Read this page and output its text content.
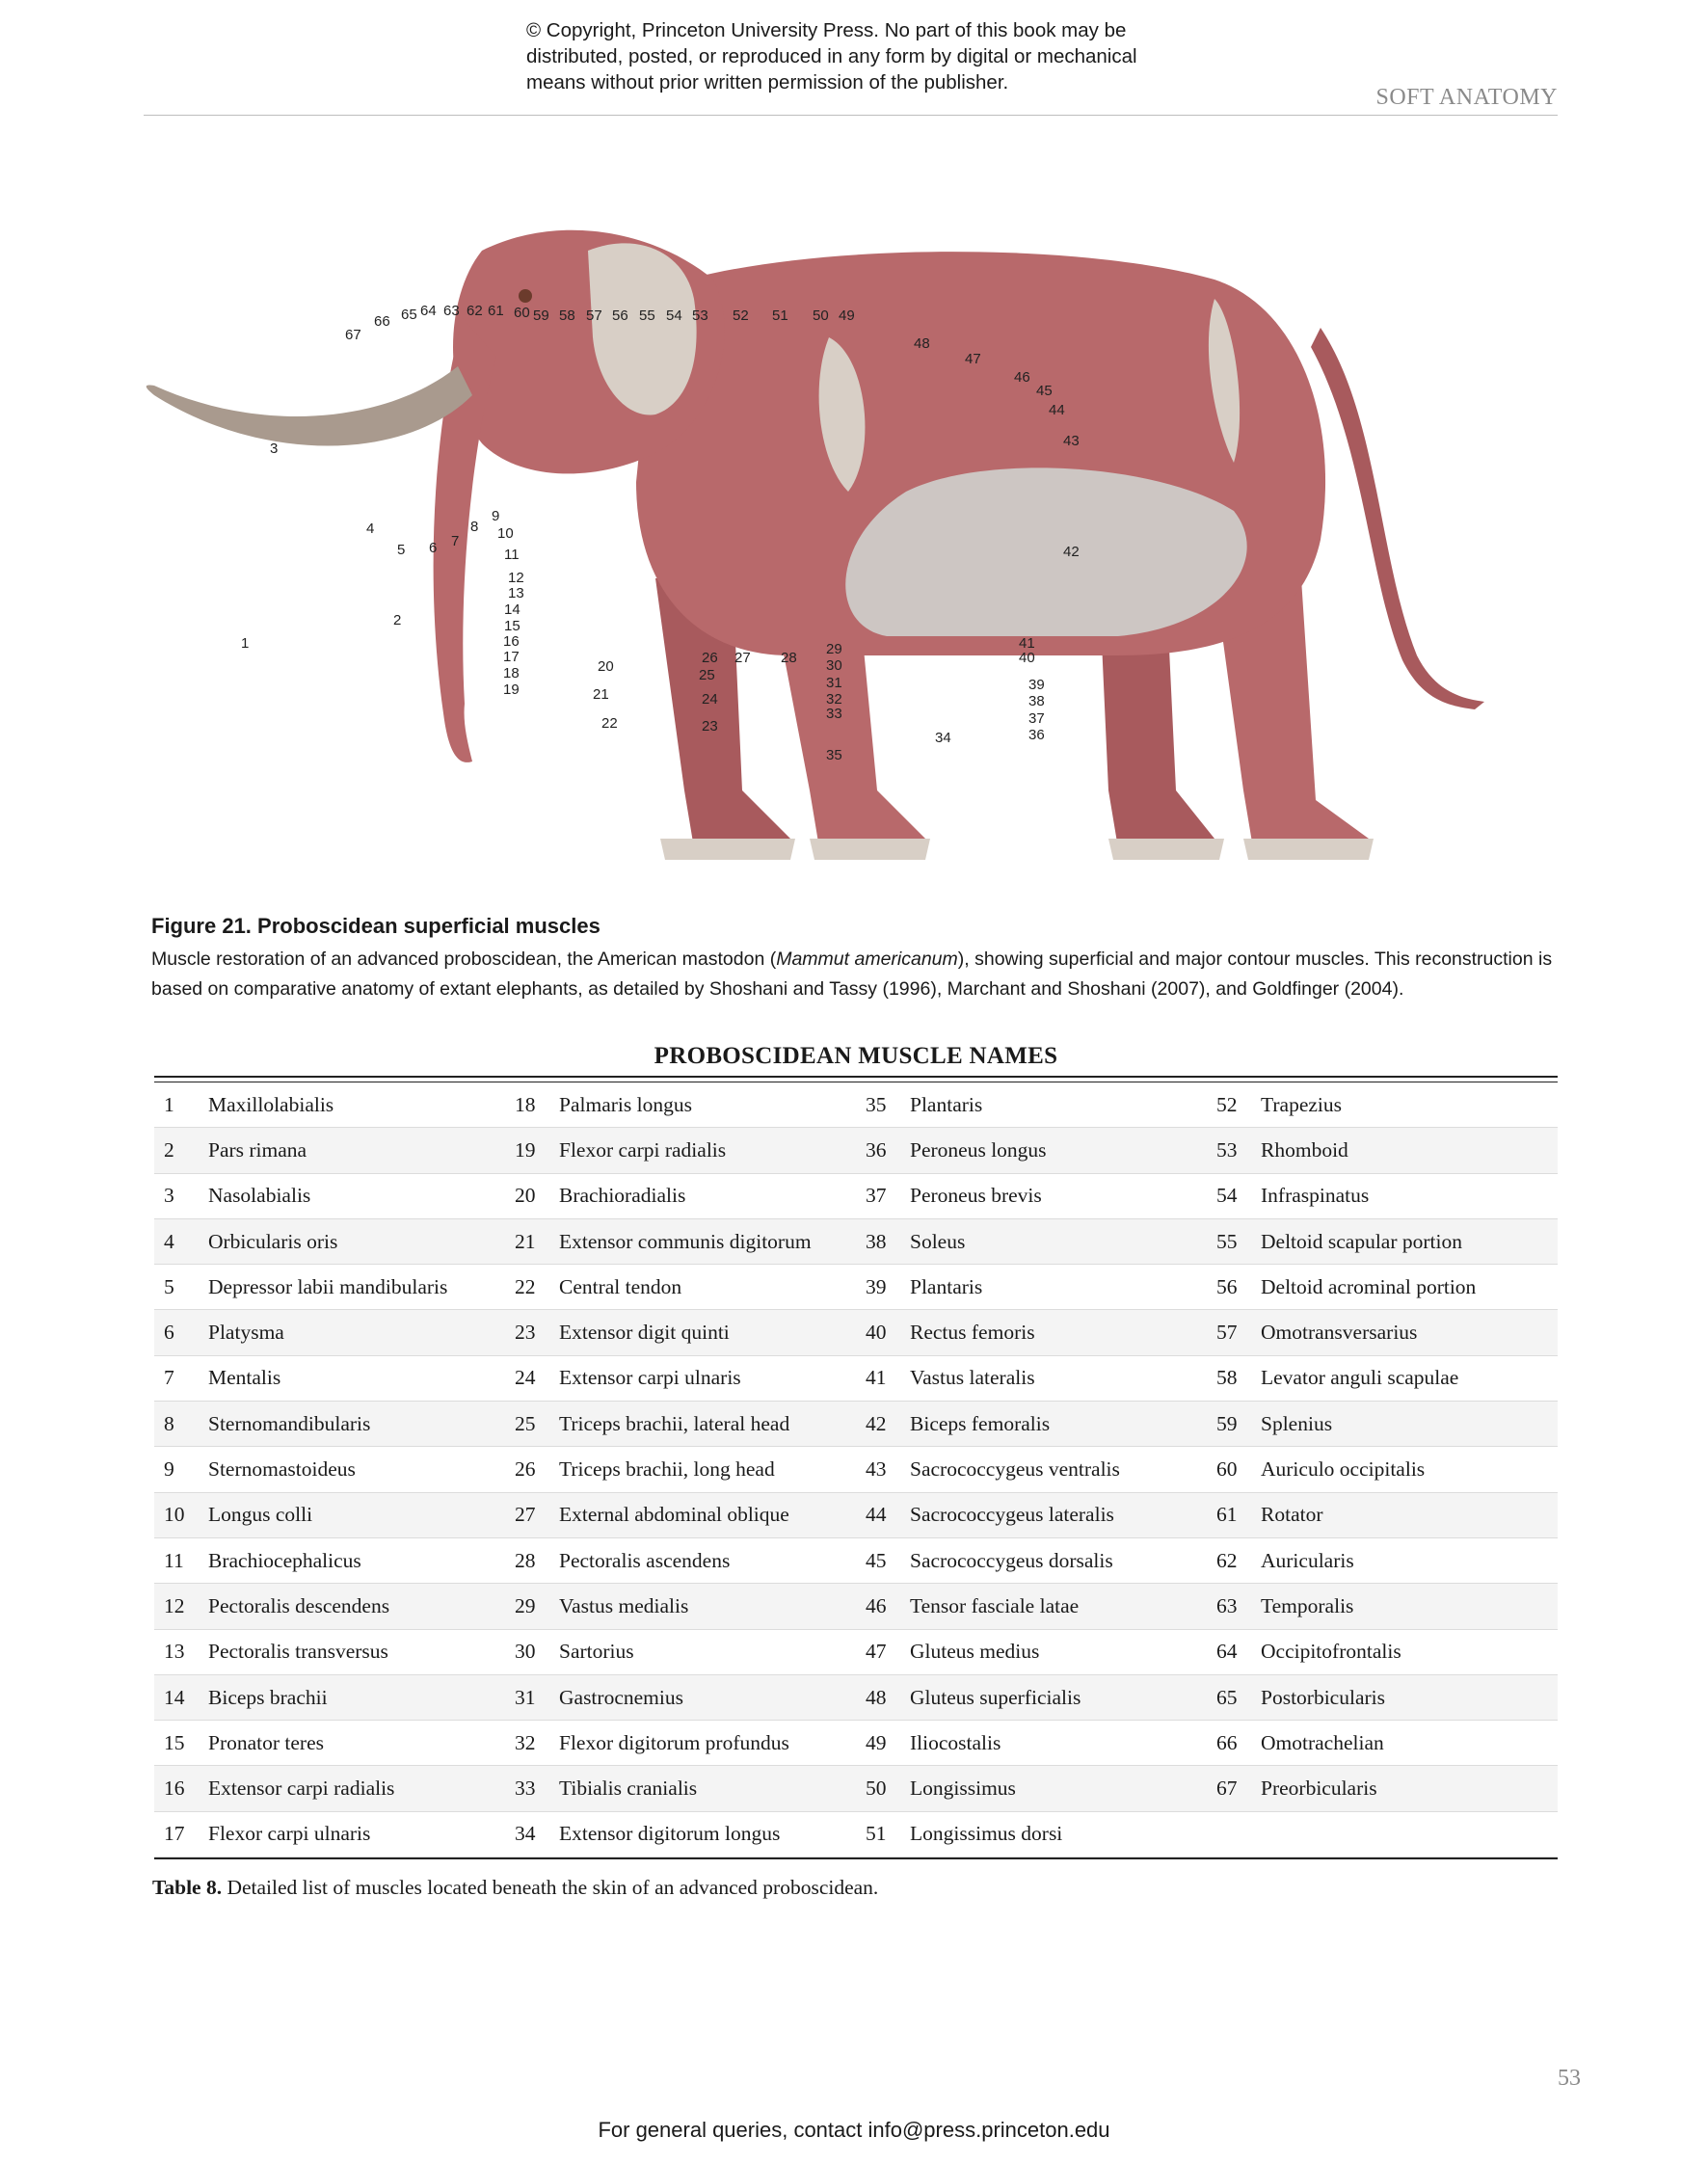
© Copyright, Princeton University Press. No part of this book may be distributed, posted, or reproduced in any form by digital or mechanical means without prior written permission of the publisher.
SOFT ANATOMY
1
2
3
4
5 6 7
8
9
10
11
12
13
14
15
16
17
18
19
20
21
22	23
24
25
26 27 28
29
30
31
32
33
34
35
36
37
38
39
40
41
42
43
44
45
46
47
48
49
50
51
52
53
54
55
56
57
58
59
60
61
62
63
64
65
66
67
Figure 21. Proboscidean superficial muscles
Muscle restoration of an advanced proboscidean, the American mastodon (Mammut americanum), showing superficial and major contour muscles. This reconstruction is based on comparative anatomy of extant elephants, as detailed by Shoshani and Tassy (1996), Marchant and Shoshani (2007), and Goldfinger (2004).
PROBOSCIDEAN MUSCLE NAMES
1	Maxillolabialis
2	Pars rimana
3	Nasolabialis
4	Orbicularis oris
5	Depressor labii mandibularis
6	Platysma
7	Mentalis
8	Sternomandibularis
9	Sternomastoideus
10	Longus colli
11	Brachiocephalicus
12	Pectoralis descendens
13	Pectoralis transversus
14	Biceps brachii
15	Pronator teres
16	Extensor carpi radialis
17	Flexor carpi ulnaris
18	Palmaris longus
19	Flexor carpi radialis
20	Brachioradialis
21	Extensor communis digitorum
22	Central tendon
23	Extensor digit quinti
24	Extensor carpi ulnaris
25	Triceps brachii, lateral head
26	Triceps brachii, long head
27	External abdominal oblique
28	Pectoralis ascendens
29	Vastus medialis
30	Sartorius
31	Gastrocnemius
32	Flexor digitorum profundus
33	Tibialis cranialis
34	Extensor digitorum longus
35	Plantaris
36	Peroneus longus
37	Peroneus brevis
38	Soleus
39	Plantaris
40	Rectus femoris
41	Vastus lateralis
42	Biceps femoralis
43	Sacrococcygeus ventralis
44	Sacrococcygeus lateralis
45	Sacrococcygeus dorsalis
46	Tensor fasciale latae
47	Gluteus medius
48	Gluteus superficialis
49	Iliocostalis
50	Longissimus
51	Longissimus dorsi
52	Trapezius
53	Rhomboid
54	Infraspinatus
55	Deltoid scapular portion
56	Deltoid acrominal portion
57	Omotransversarius
58	Levator anguli scapulae
59	Splenius
60	Auriculo occipitalis
61	Rotator
62	Auricularis
63	Temporalis
64	Occipitofrontalis
65	Postorbicularis
66	Omotrachelian
67	Preorbicularis
Table 8. Detailed list of muscles located beneath the skin of an advanced proboscidean.
53
For general queries, contact info@press.princeton.edu
